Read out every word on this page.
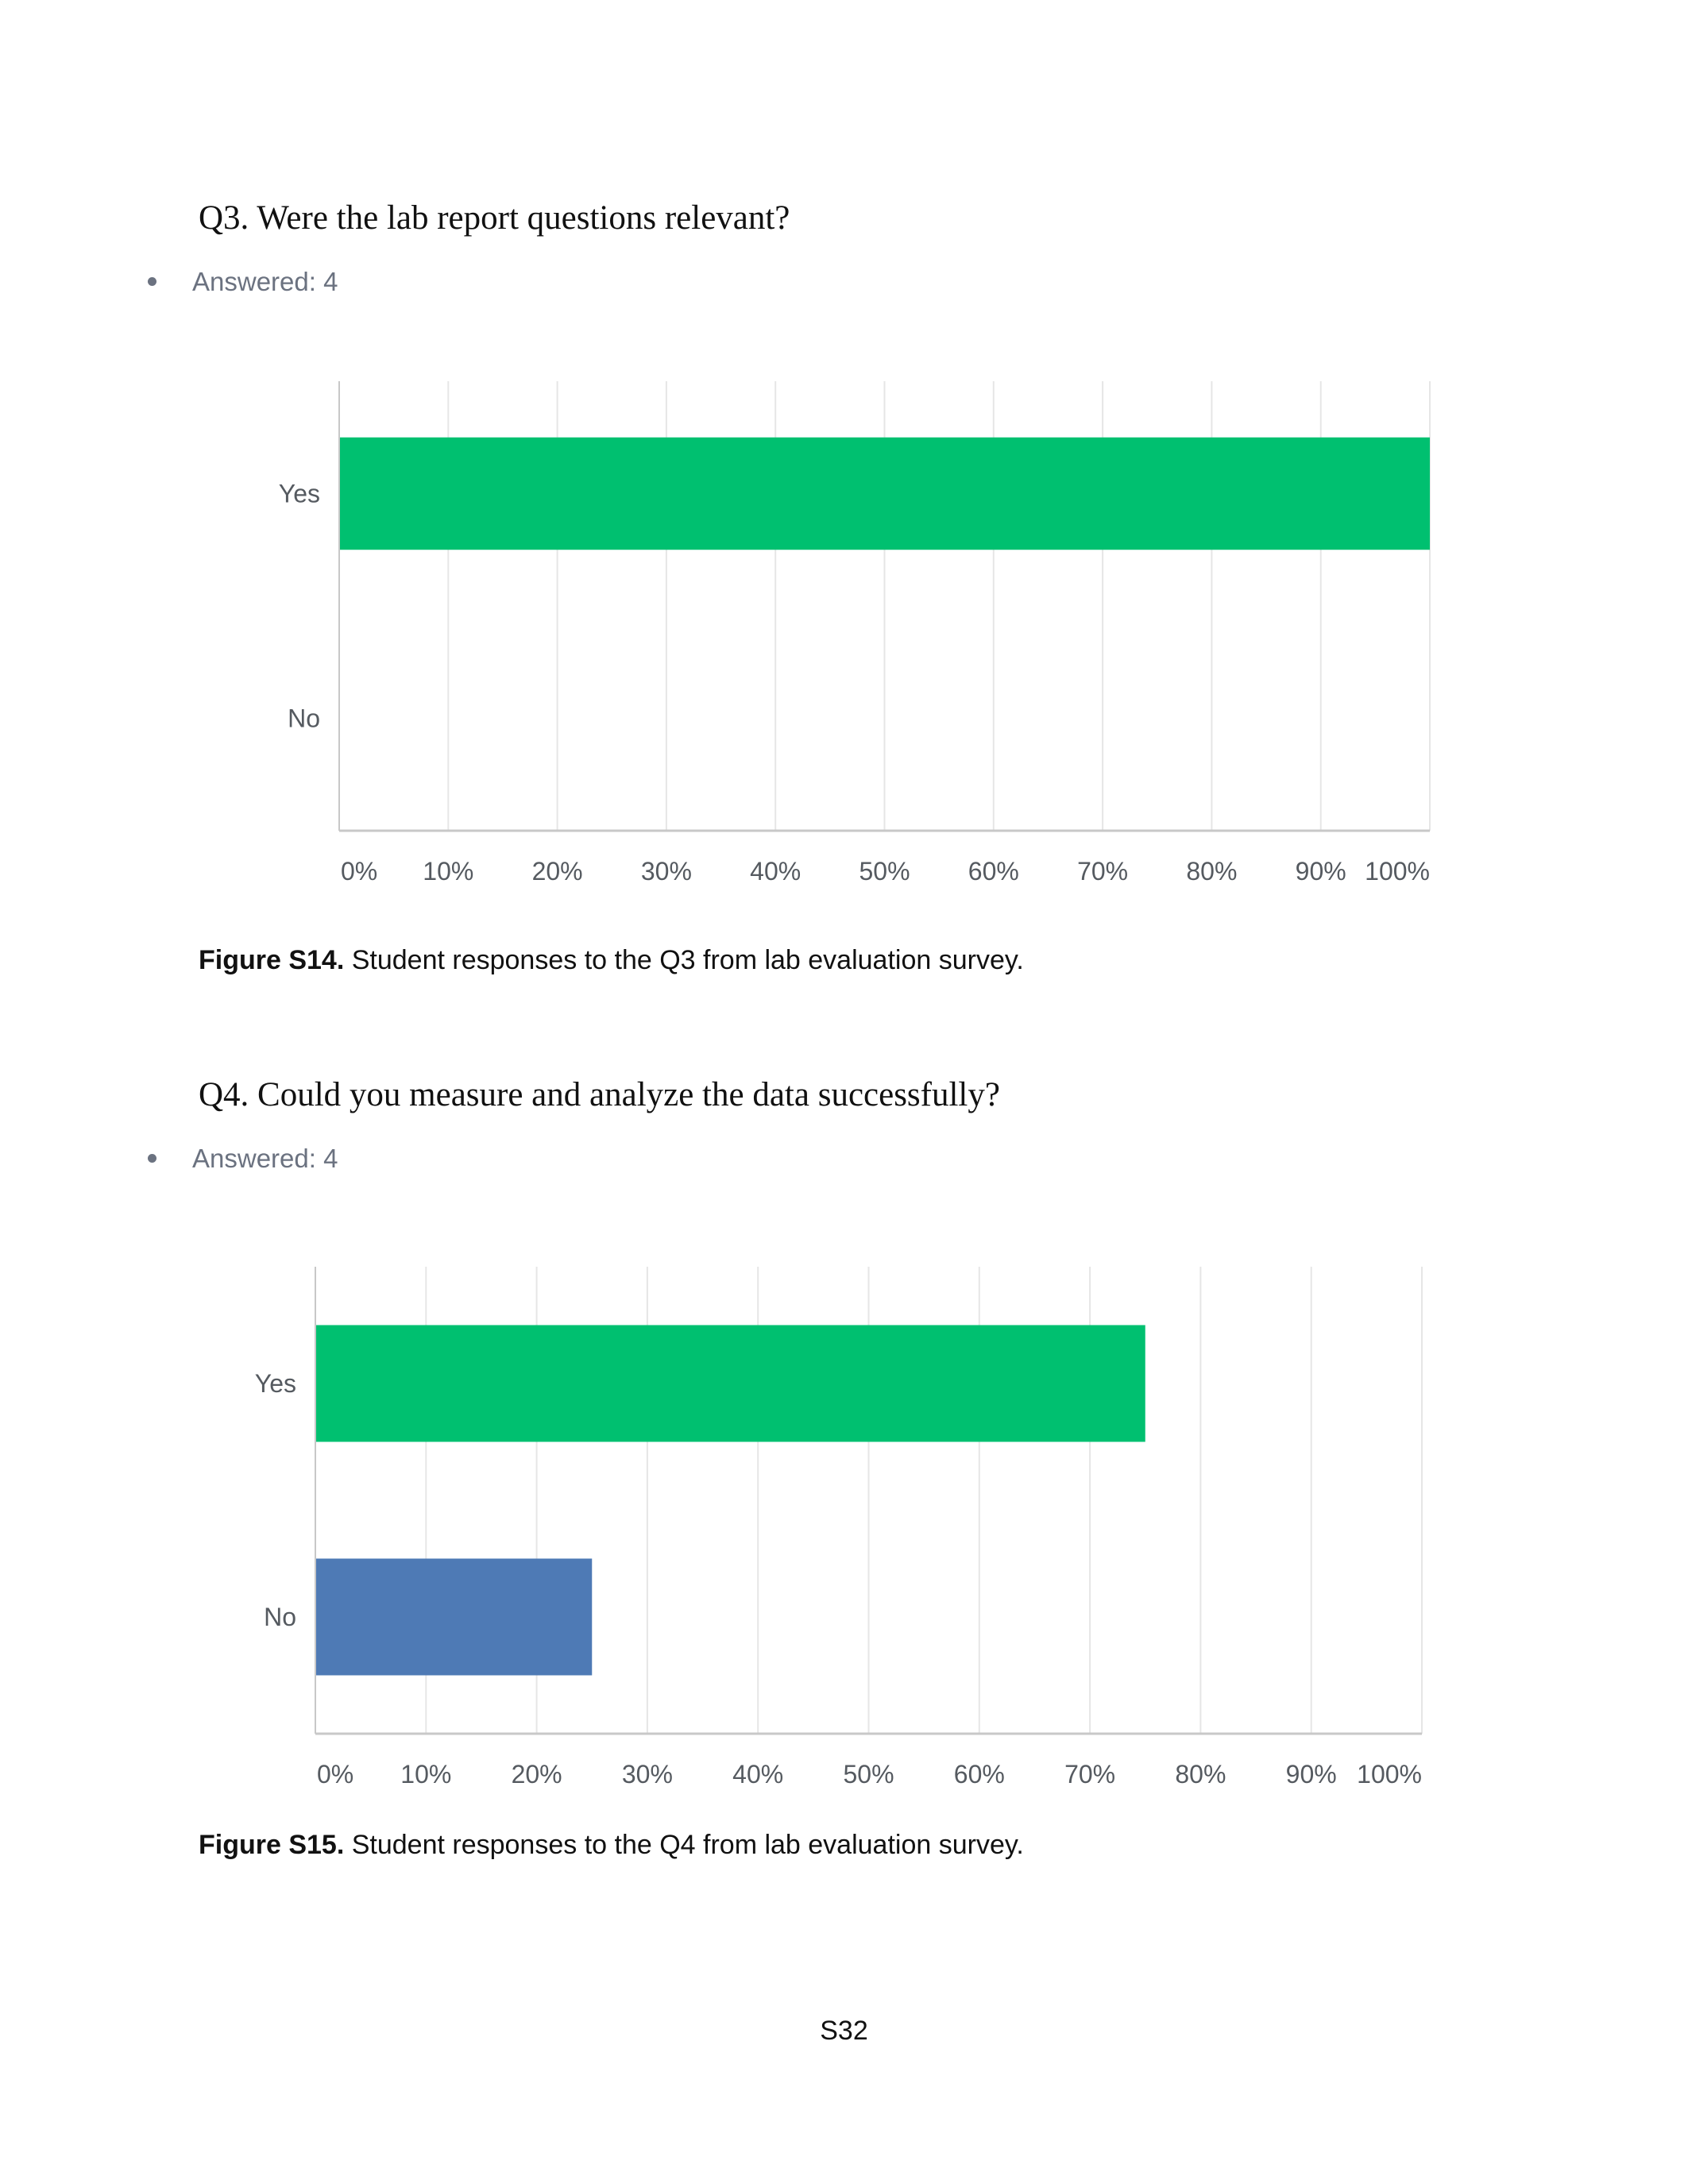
Q3. Were the lab report questions relevant?
Answered: 4
Yes
No
0% 10% 20% 30% 40% 50% 60% 70% 80% 90% 100%
Figure S14. Student responses to the Q3 from lab evaluation survey.
Q4. Could you measure and analyze the data successfully?
Answered: 4
Yes
No
0% 10% 20% 30% 40% 50% 60% 70% 80% 90% 100%
Figure S15. Student responses to the Q4 from lab evaluation survey.
S32
